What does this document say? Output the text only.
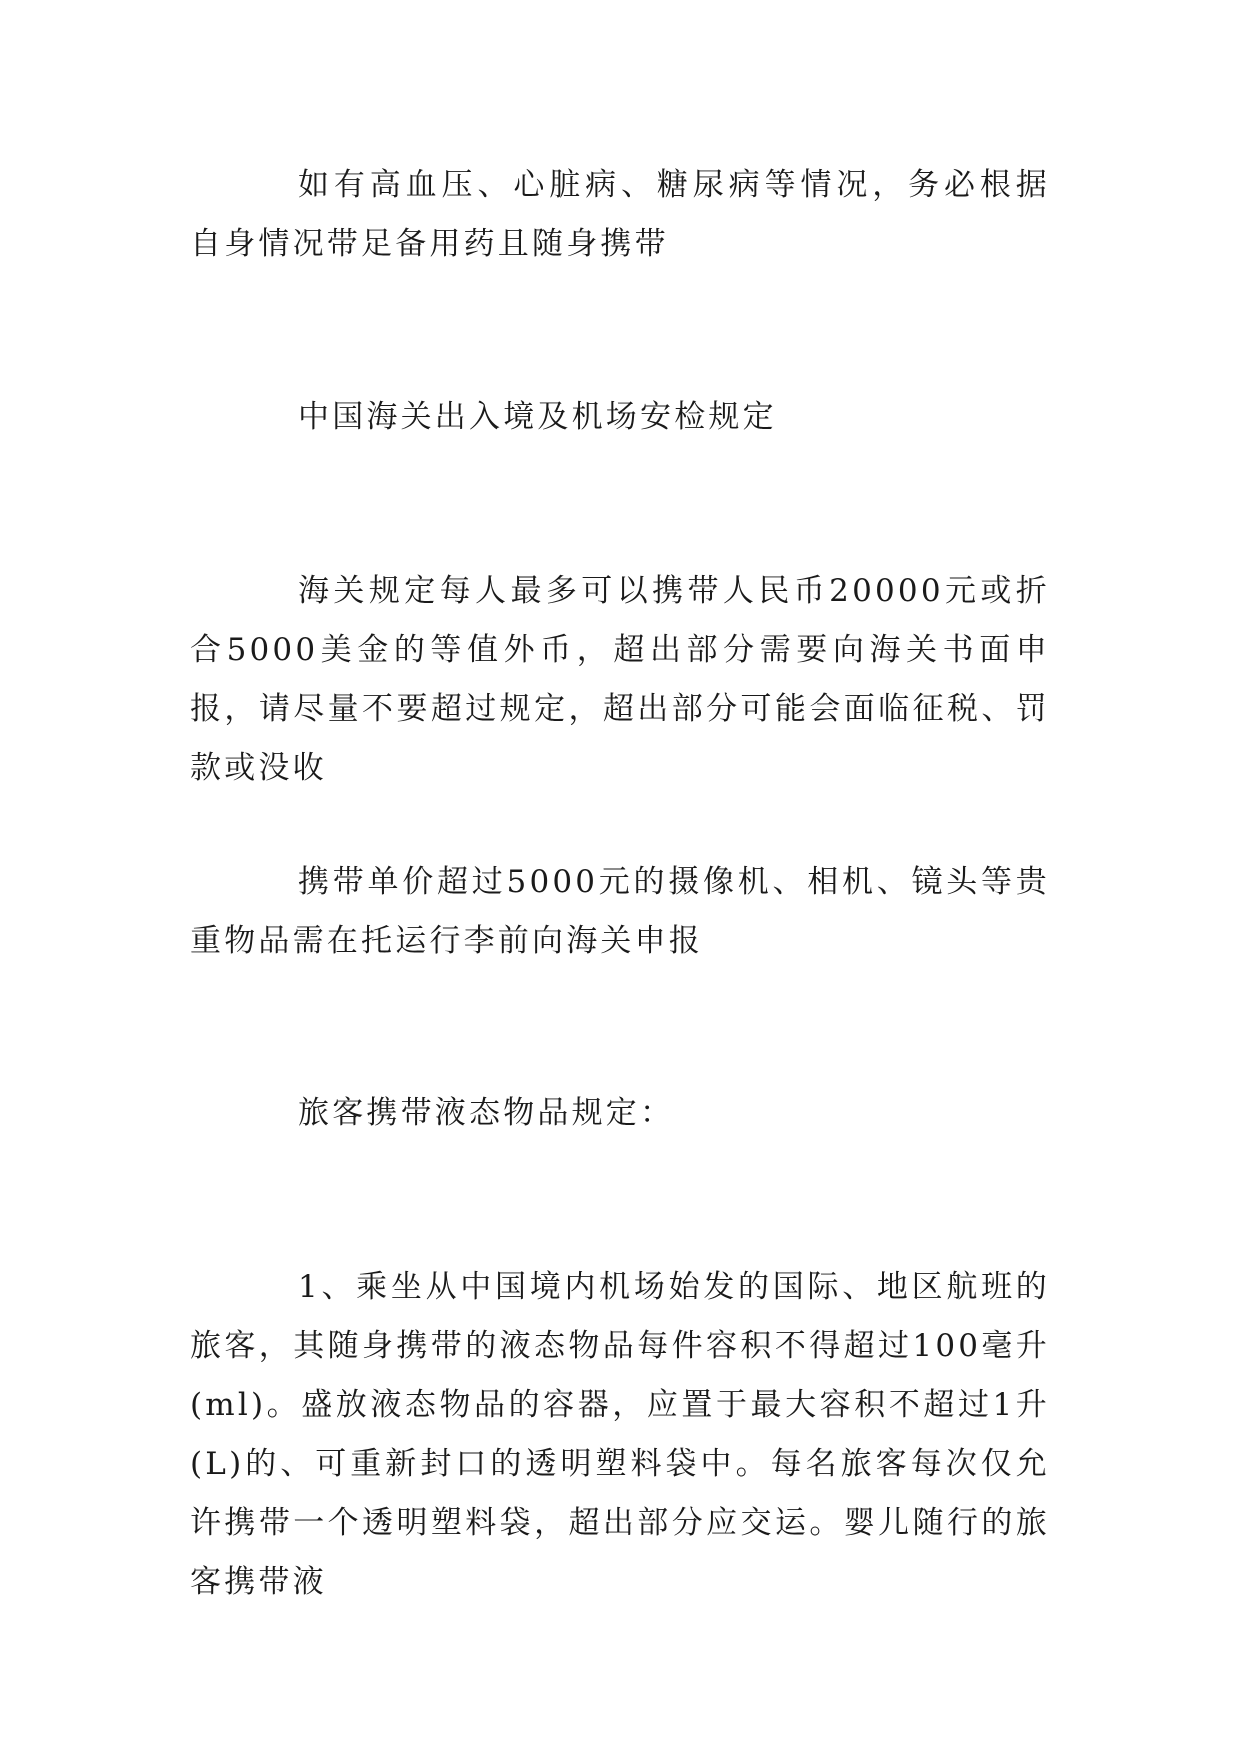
如有高血压、心脏病、糖尿病等情况，务必根据自身情况带足备用药且随身携带

中国海关出入境及机场安检规定

海关规定每人最多可以携带人民币20000元或折合5000美金的等值外币，超出部分需要向海关书面申报，请尽量不要超过规定，超出部分可能会面临征税、罚款或没收

携带单价超过5000元的摄像机、相机、镜头等贵重物品需在托运行李前向海关申报

旅客携带液态物品规定：

1、乘坐从中国境内机场始发的国际、地区航班的旅客，其随身携带的液态物品每件容积不得超过100毫升(ml)。盛放液态物品的容器，应置于最大容积不超过1升(L)的、可重新封口的透明塑料袋中。每名旅客每次仅允许携带一个透明塑料袋，超出部分应交运。婴儿随行的旅客携带液
